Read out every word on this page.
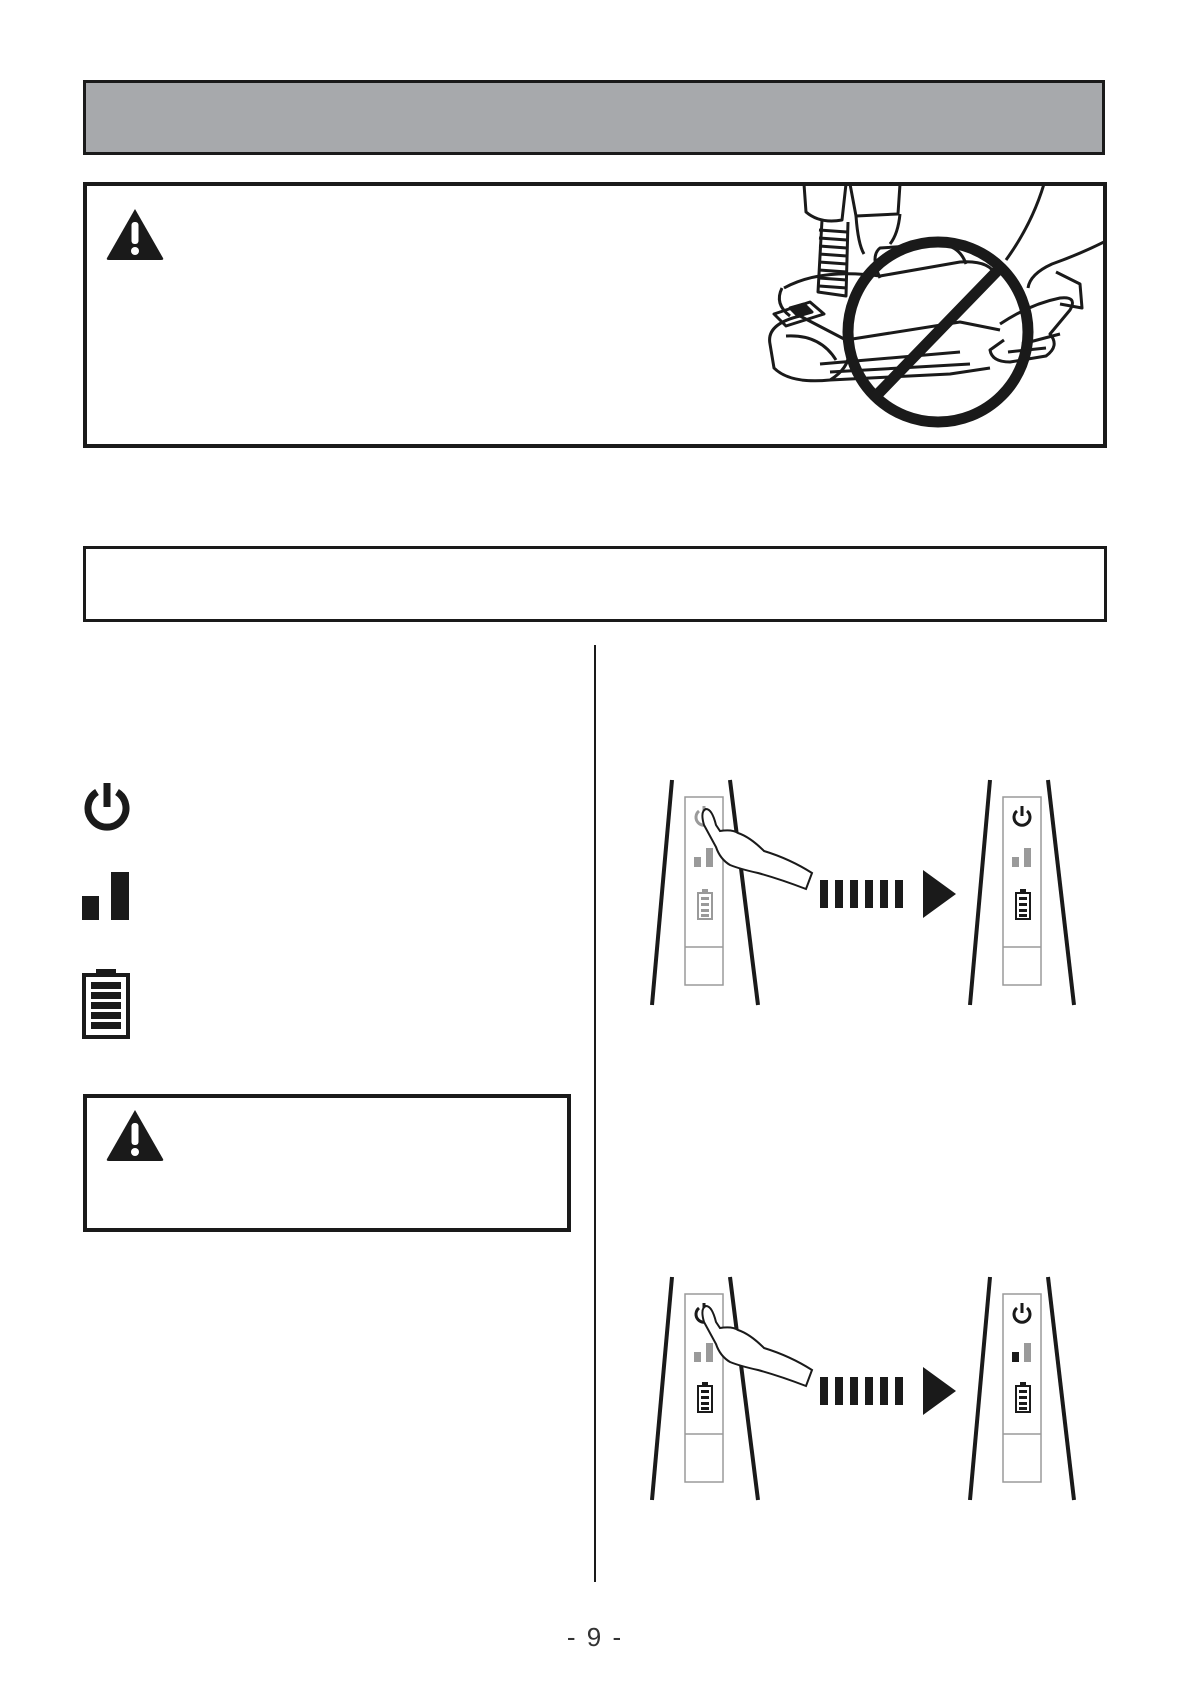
- 9 -
